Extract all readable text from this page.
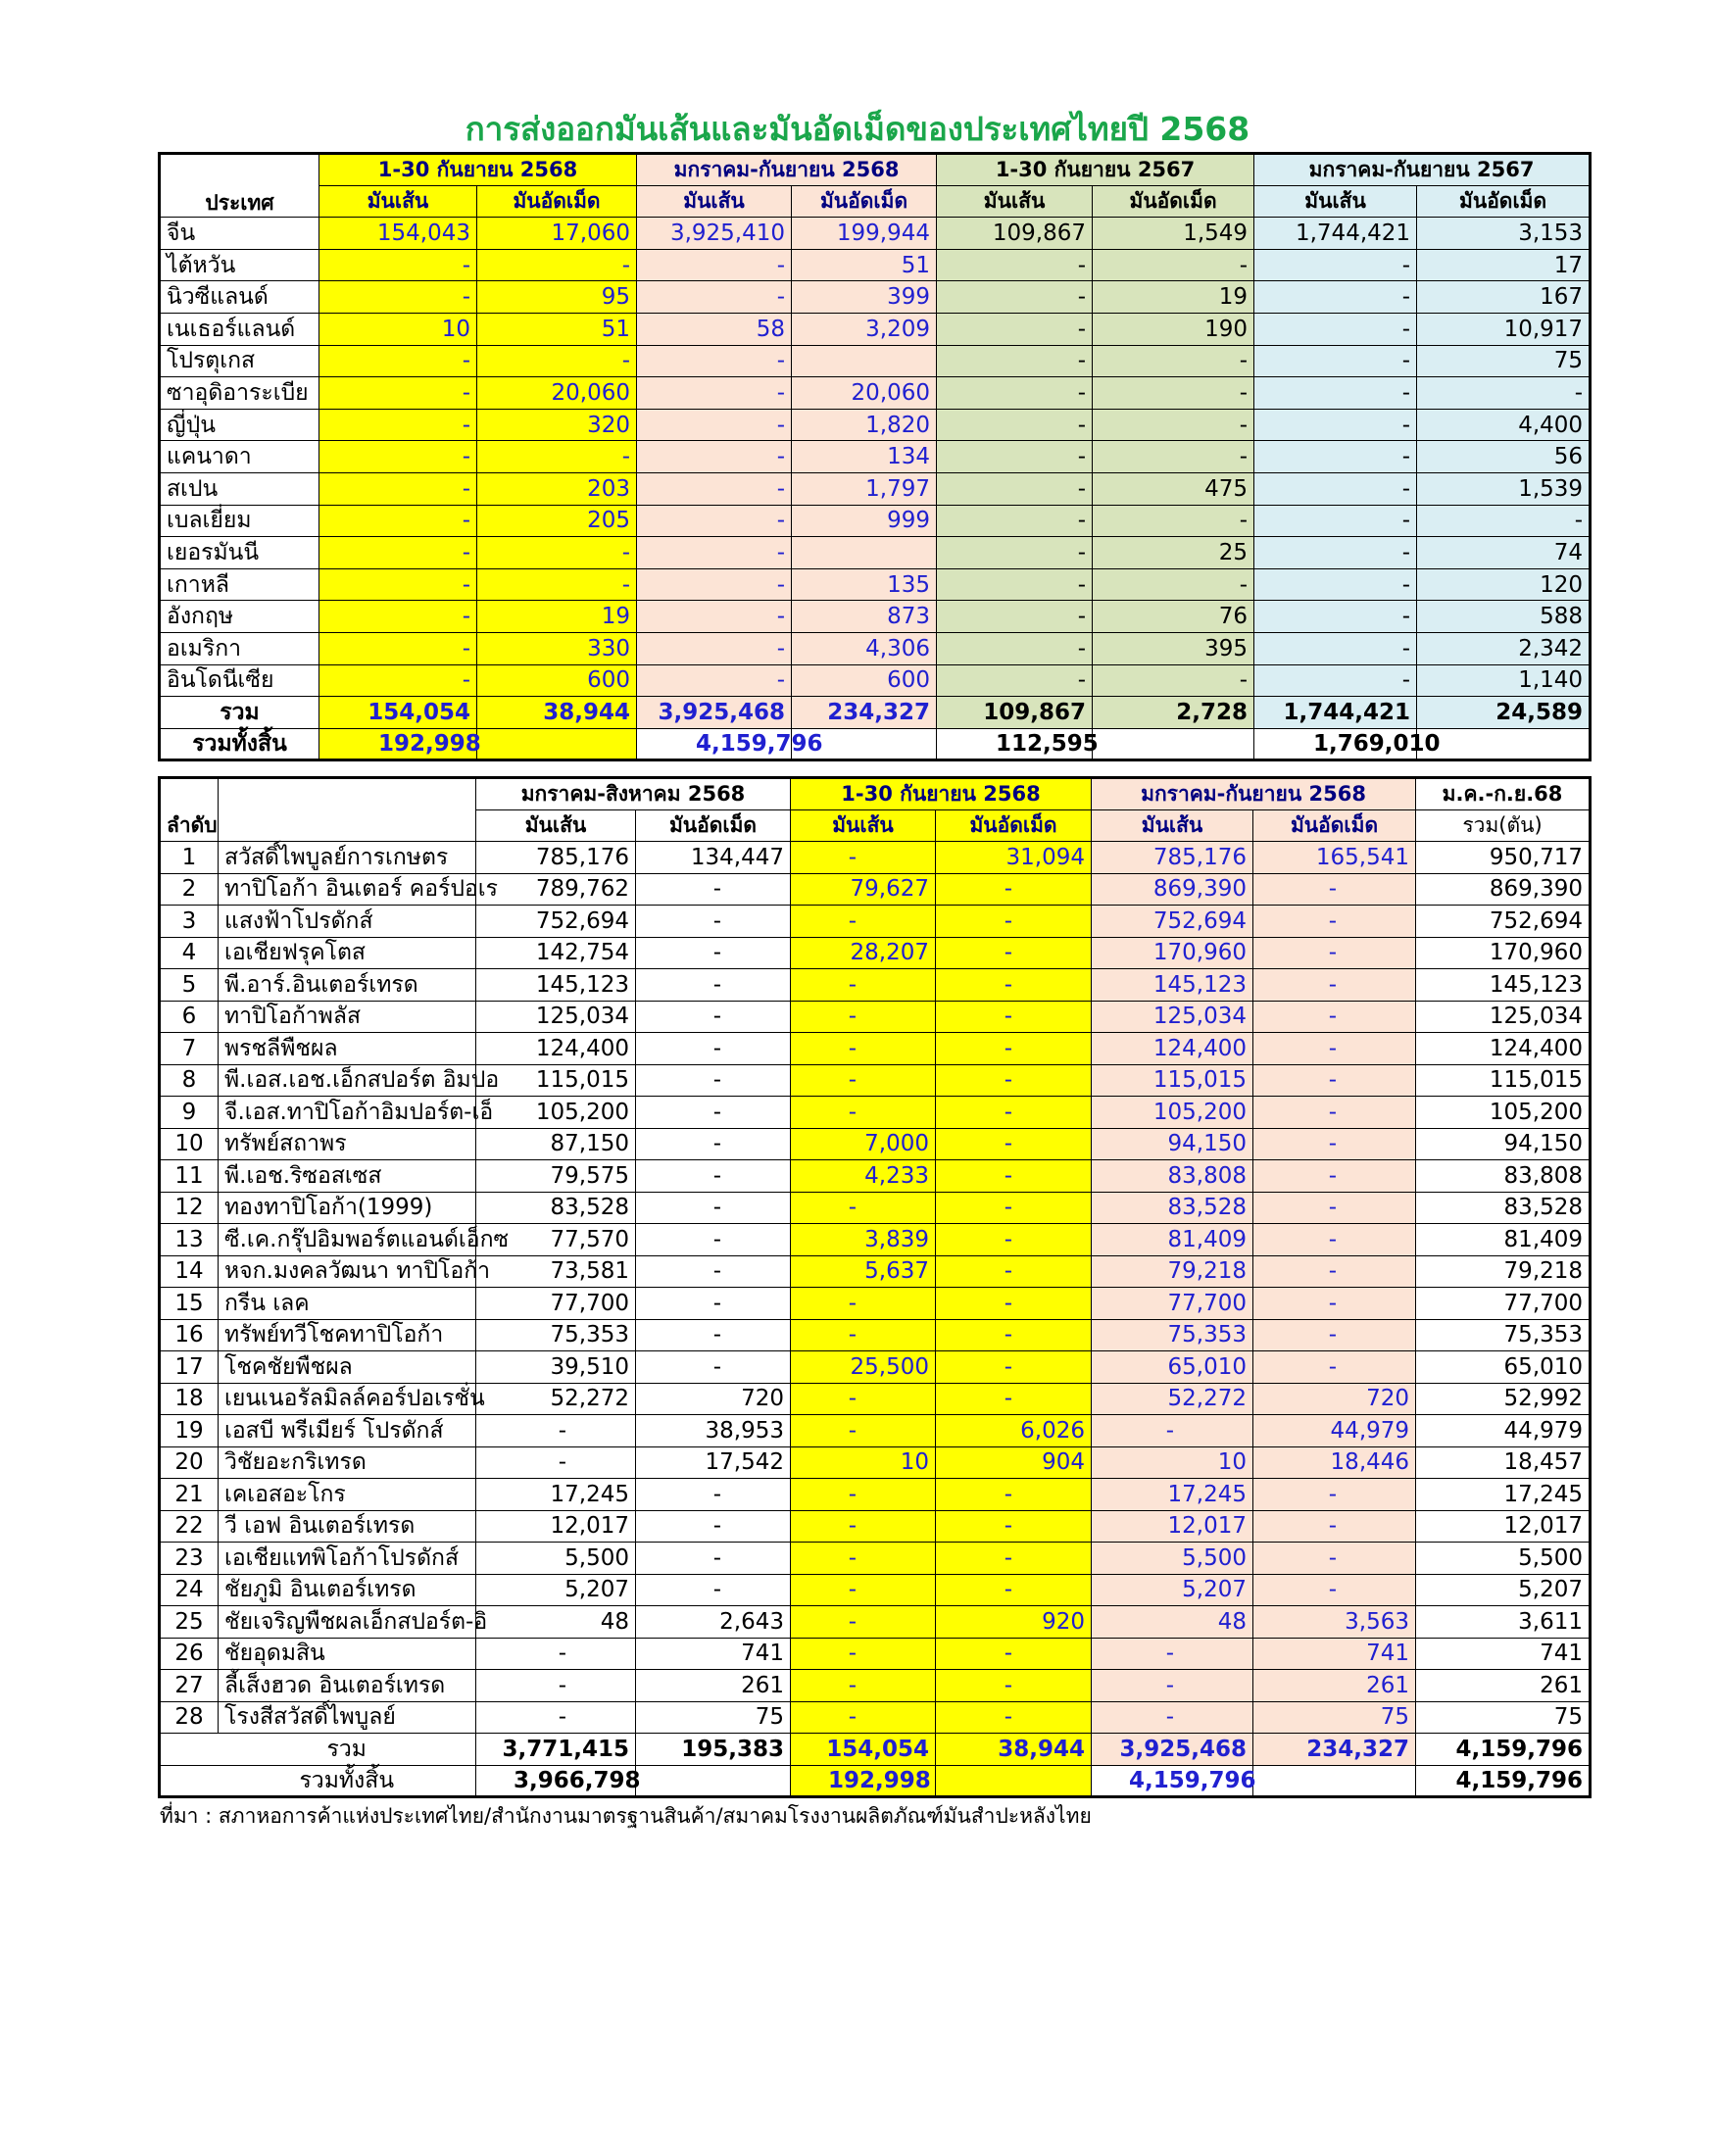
การส่งออกมันเส้นและมันอัดเม็ดของประเทศไทยปี 2568
ประเทศ	1-30 กันยายน 2568		มกราคม-กันยายน 2568		1-30 กันยายน 2567		มกราคม-กันยายน 2567	
	มันเส้น	มันอัดเม็ด	มันเส้น	มันอัดเม็ด	มันเส้น	มันอัดเม็ด	มันเส้น	มันอัดเม็ด
จีน	154,043	17,060	3,925,410	199,944	109,867	1,549	1,744,421	3,153
ไต้หวัน	-	-	-	51	-	-	-	17
นิวซีแลนด์	-	95	-	399	-	19	-	167
เนเธอร์แลนด์	10	51	58	3,209	-	190	-	10,917
โปรตุเกส	-	-	-		-	-	-	75
ซาอุดิอาระเบีย	-	20,060	-	20,060	-	-	-	-
ญี่ปุ่น	-	320	-	1,820	-	-	-	4,400
แคนาดา	-	-	-	134	-	-	-	56
สเปน	-	203	-	1,797	-	475	-	1,539
เบลเยี่ยม	-	205	-	999	-	-	-	-
เยอรมันนี	-	-	-		-	25	-	74
เกาหลี	-	-	-	135	-	-	-	120
อังกฤษ	-	19	-	873	-	76	-	588
อเมริกา	-	330	-	4,306	-	395	-	2,342
อินโดนีเซีย	-	600	-	600	-	-	-	1,140
รวม	154,054	38,944	3,925,468	234,327	109,867	2,728	1,744,421	24,589
รวมทั้งสิ้น	192,998		4,159,796		112,595		1,769,010	
		มกราคม-สิงหาคม 2568		1-30 กันยายน 2568		มกราคม-กันยายน 2568		ม.ค.-ก.ย.68
ลำดับ		มันเส้น	มันอัดเม็ด	มันเส้น	มันอัดเม็ด	มันเส้น	มันอัดเม็ด	รวม(ตัน)
1	สวัสดิ์ไพบูลย์การเกษตร	785,176	134,447	-	31,094	785,176	165,541	950,717
2	ทาปิโอก้า อินเตอร์ คอร์ปอเร	789,762	-	79,627	-	869,390	-	869,390
3	แสงฟ้าโปรดักส์	752,694	-	-	-	752,694	-	752,694
4	เอเชียฟรุคโตส	142,754	-	28,207	-	170,960	-	170,960
5	พี.อาร์.อินเตอร์เทรด	145,123	-	-	-	145,123	-	145,123
6	ทาปิโอก้าพลัส	125,034	-	-	-	125,034	-	125,034
7	พรชลีพืชผล	124,400	-	-	-	124,400	-	124,400
8	พี.เอส.เอช.เอ็กสปอร์ต อิมปอ	115,015	-	-	-	115,015	-	115,015
9	จี.เอส.ทาปิโอก้าอิมปอร์ต-เอ็	105,200	-	-	-	105,200	-	105,200
10	ทรัพย์สถาพร	87,150	-	7,000	-	94,150	-	94,150
11	พี.เอช.ริซอสเซส	79,575	-	4,233	-	83,808	-	83,808
12	ทองทาปิโอก้า(1999)	83,528	-	-	-	83,528	-	83,528
13	ซี.เค.กรุ๊ปอิมพอร์ตแอนด์เอ็กซ	77,570	-	3,839	-	81,409	-	81,409
14	หจก.มงคลวัฒนา ทาปิโอก้า	73,581	-	5,637	-	79,218	-	79,218
15	กรีน เลค	77,700	-	-	-	77,700	-	77,700
16	ทรัพย์ทวีโชคทาปิโอก้า	75,353	-	-	-	75,353	-	75,353
17	โชคชัยพืชผล	39,510	-	25,500	-	65,010	-	65,010
18	เยนเนอรัลมิลล์คอร์ปอเรชั่น	52,272	720	-	-	52,272	720	52,992
19	เอสบี พรีเมียร์ โปรดักส์	-	38,953	-	6,026	-	44,979	44,979
20	วิชัยอะกริเทรด	-	17,542	10	904	10	18,446	18,457
21	เคเอสอะโกร	17,245	-	-	-	17,245	-	17,245
22	วี เอฟ อินเตอร์เทรด	12,017	-	-	-	12,017	-	12,017
23	เอเชียแทพิโอก้าโปรดักส์	5,500	-	-	-	5,500	-	5,500
24	ชัยภูมิ อินเตอร์เทรด	5,207	-	-	-	5,207	-	5,207
25	ชัยเจริญพืชผลเอ็กสปอร์ต-อิ	48	2,643	-	920	48	3,563	3,611
26	ชัยอุดมสิน	-	741	-	-	-	741	741
27	ลี้เส็งฮวด อินเตอร์เทรด	-	261	-	-	-	261	261
28	โรงสีสวัสดิ์ไพบูลย์	-	75	-	-	-	75	75
	รวม	3,771,415	195,383	154,054	38,944	3,925,468	234,327	4,159,796
	รวมทั้งสิ้น	3,966,798		192,998		4,159,796		4,159,796
ที่มา : สภาหอการค้าแห่งประเทศไทย/สำนักงานมาตรฐานสินค้า/สมาคมโรงงานผลิตภัณฑ์มันสำปะหลังไทย
